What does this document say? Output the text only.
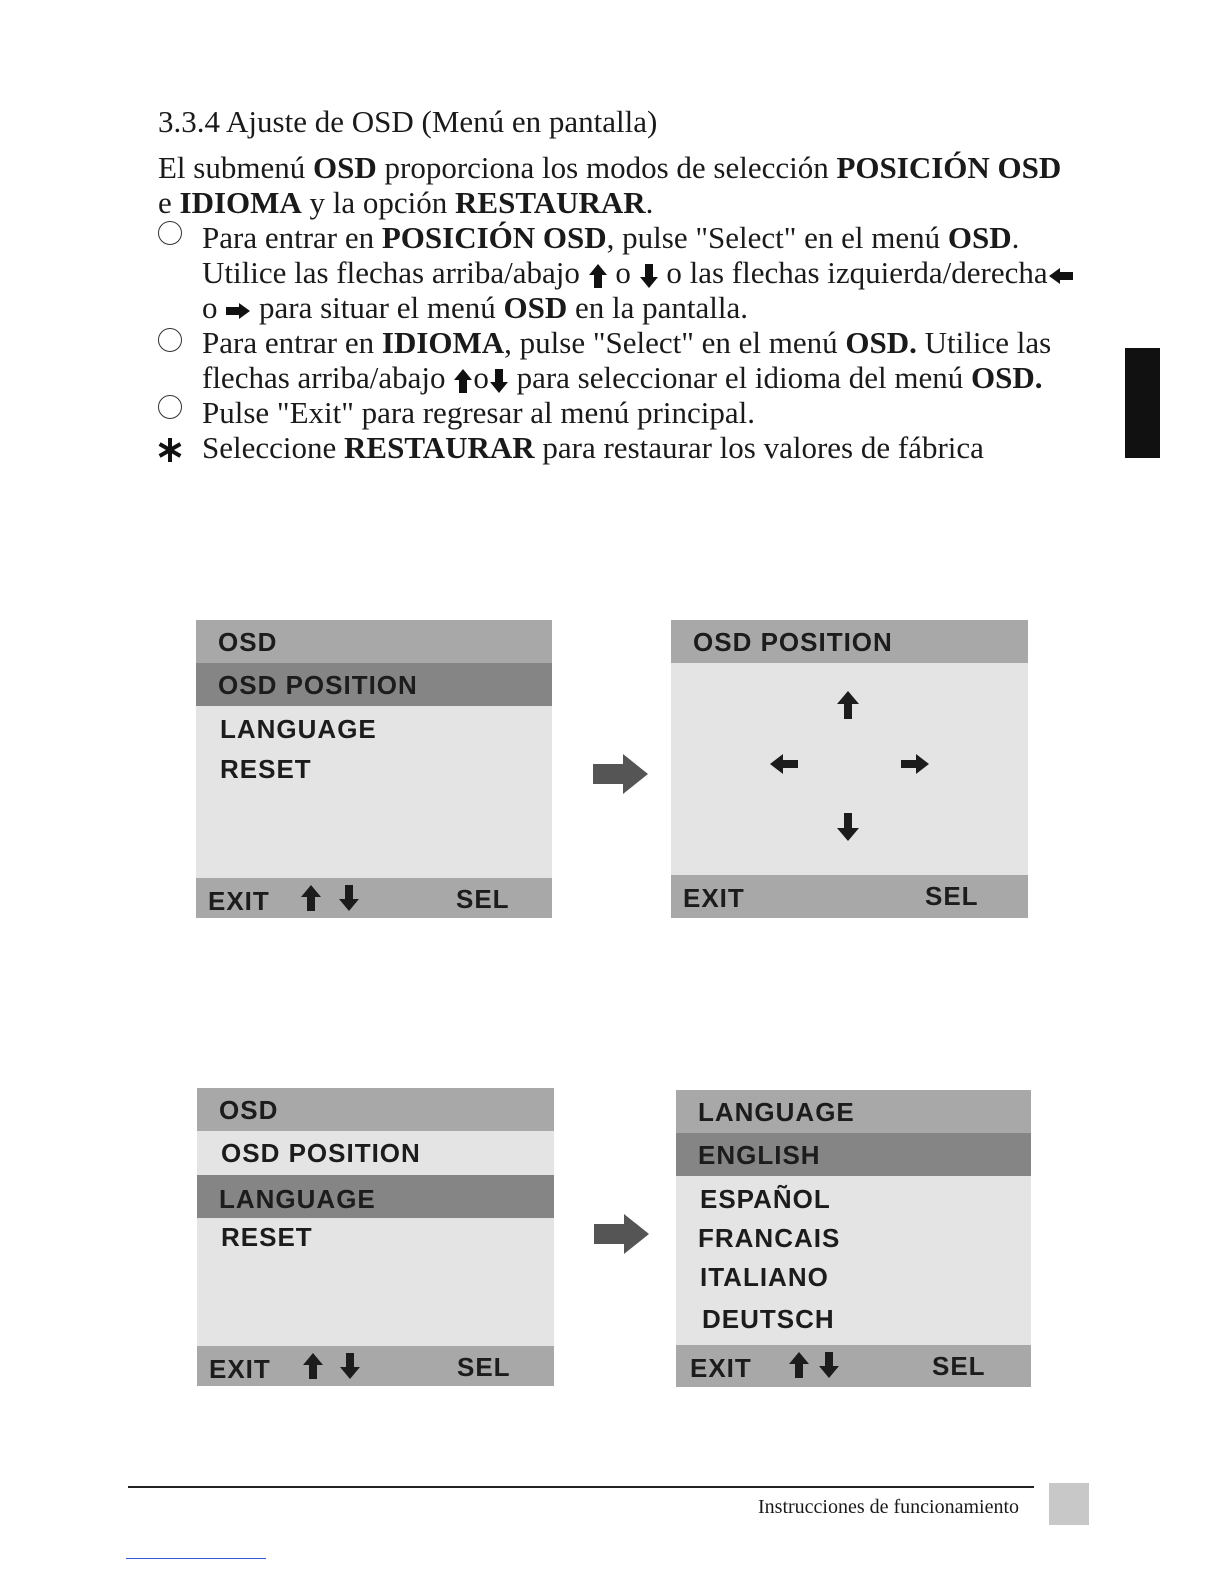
3.3.4 Ajuste de OSD (Menú en pantalla)
El submenú OSD proporciona los modos de selección POSICIÓN OSD
e IDIOMA y la opción RESTAURAR.
Para entrar en POSICIÓN OSD, pulse "Select" en el menú OSD.
Utilice las flechas arriba/abajo  o  o las flechas izquierda/derecha
o  para situar el menú OSD en la pantalla.
Para entrar en IDIOMA, pulse "Select" en el menú OSD. Utilice las
flechas arriba/abajo o para seleccionar el idioma del menú OSD.
Pulse "Exit" para regresar al menú principal.
Seleccione RESTAURAR para restaurar los valores de fábrica
OSD
OSD POSITION
LANGUAGE
RESET
EXIT	SEL
OSD POSITION
EXIT	SEL
OSD
OSD POSITION
LANGUAGE
RESET
EXIT	SEL
LANGUAGE
ENGLISH
ESPAÑOL
FRANCAIS
ITALIANO
DEUTSCH
EXIT	SEL
Instrucciones de funcionamiento
